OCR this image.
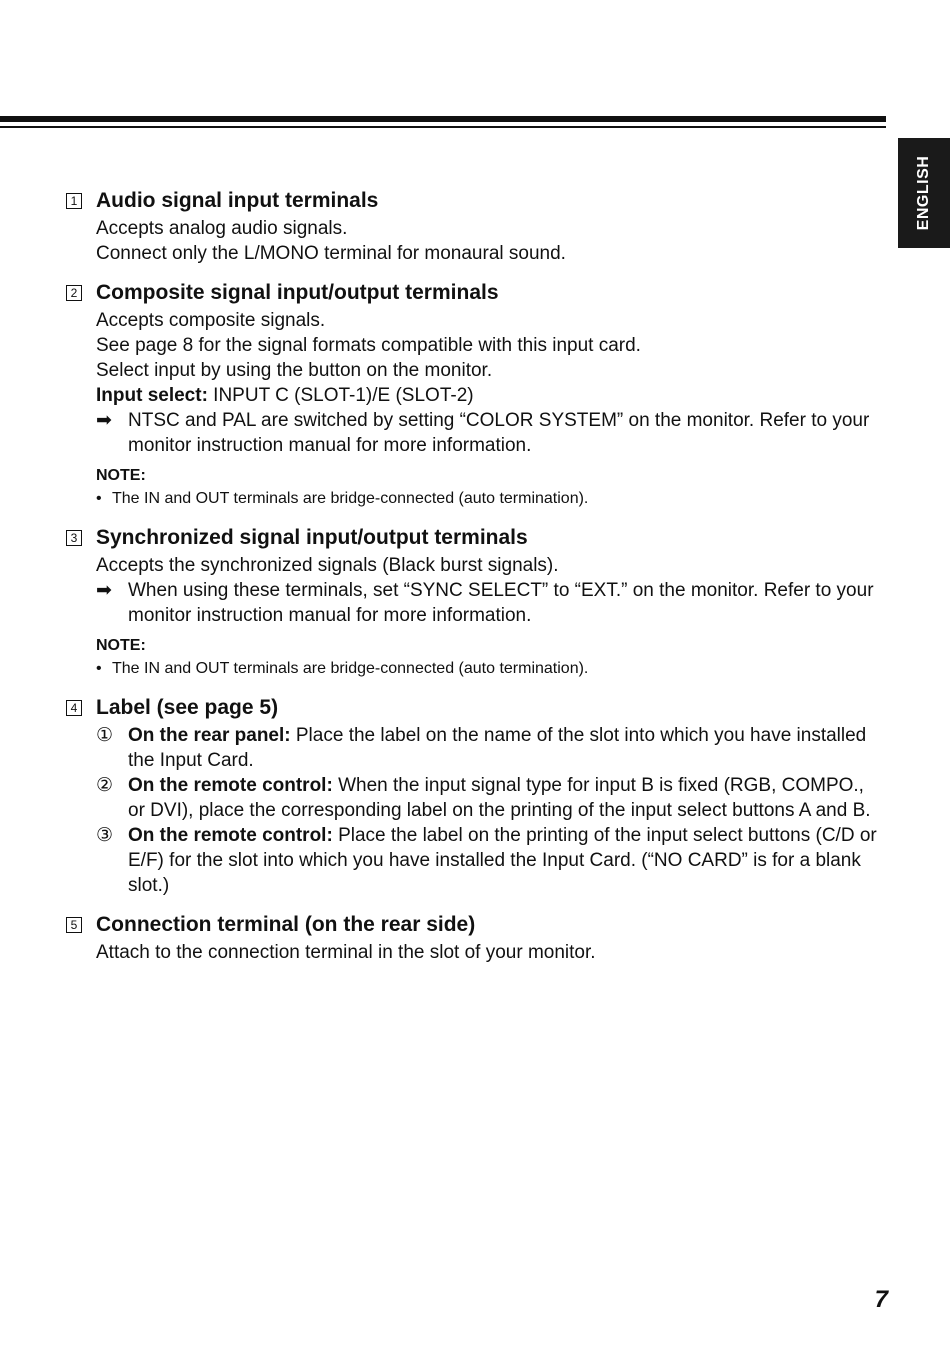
ENGLISH
1 Audio signal input terminals
Accepts analog audio signals.
Connect only the L/MONO terminal for monaural sound.
2 Composite signal input/output terminals
Accepts composite signals.
See page 8 for the signal formats compatible with this input card.
Select input by using the button on the monitor.
Input select: INPUT C (SLOT-1)/E (SLOT-2)
➡ NTSC and PAL are switched by setting “COLOR SYSTEM” on the monitor. Refer to your monitor instruction manual for more information.
NOTE:
• The IN and OUT terminals are bridge-connected (auto termination).
3 Synchronized signal input/output terminals
Accepts the synchronized signals (Black burst signals).
➡ When using these terminals, set “SYNC SELECT” to “EXT.” on the monitor. Refer to your monitor instruction manual for more information.
NOTE:
• The IN and OUT terminals are bridge-connected (auto termination).
4 Label (see page 5)
① On the rear panel: Place the label on the name of the slot into which you have installed the Input Card.
② On the remote control: When the input signal type for input B is fixed (RGB, COMPO., or DVI), place the corresponding label on the printing of the input select buttons A and B.
③ On the remote control: Place the label on the printing of the input select buttons (C/D or E/F) for the slot into which you have installed the Input Card. (“NO CARD” is for a blank slot.)
5 Connection terminal (on the rear side)
Attach to the connection terminal in the slot of your monitor.
7
